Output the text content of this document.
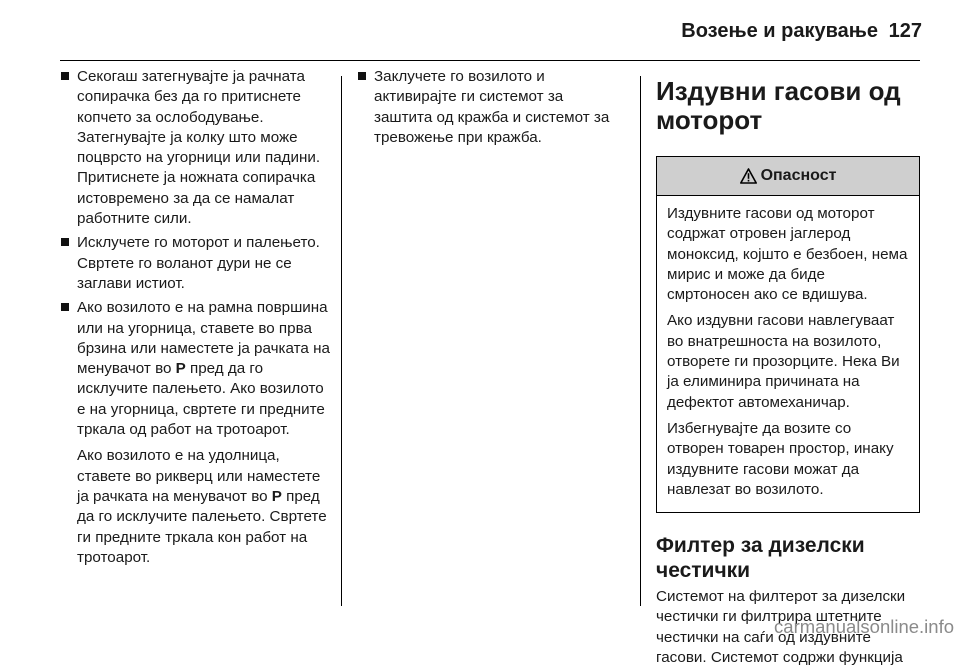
Возење и ракување 127

Секогаш затегнувајте ја рачната сопирачка без да го притиснете копчето за ослободување. Затегнувајте ја колку што може поцврсто на угорници или падини. Притиснете ја ножната сопирачка истовремено за да се намалат работните сили.

Исклучете го моторот и палењето. Свртете го воланот дури не се заглави истиот.

Ако возилото е на рамна површина или на угорница, ставете во прва брзина или наместете ја рачката на менувачот во P пред да го исклучите палењето. Ако возилото е на угорница, свртете ги предните тркала од работ на тротоарот.

Ако возилото е на удолница, ставете во рикверц или наместете ја рачката на менувачот во P пред да го исклучите палењето. Свртете ги предните тркала кон работ на тротоарот.

Заклучете го возилото и активирајте ги системот за заштита од кражба и системот за тревожење при кражба.

Издувни гасови од моторот
Опасност

Издувните гасови од моторот содржат отровен јаглерод моноксид, којшто е безбоен, нема мирис и може да биде смртоносен ако се вдишува.

Ако издувни гасови навлегуваат во внатрешноста на возилото, отворете ги прозорците. Нека Ви ја елиминира причината на дефектот автомеханичар.

Избегнувајте да возите со отворен товарен простор, инаку издувните гасови можат да навлезат во возилото.

Филтер за дизелски честички

Системот на филтерот за дизелски честички ги филтрира штетните честички на саѓи од издувните гасови. Системот содржи функција

carmanualsonline.info
